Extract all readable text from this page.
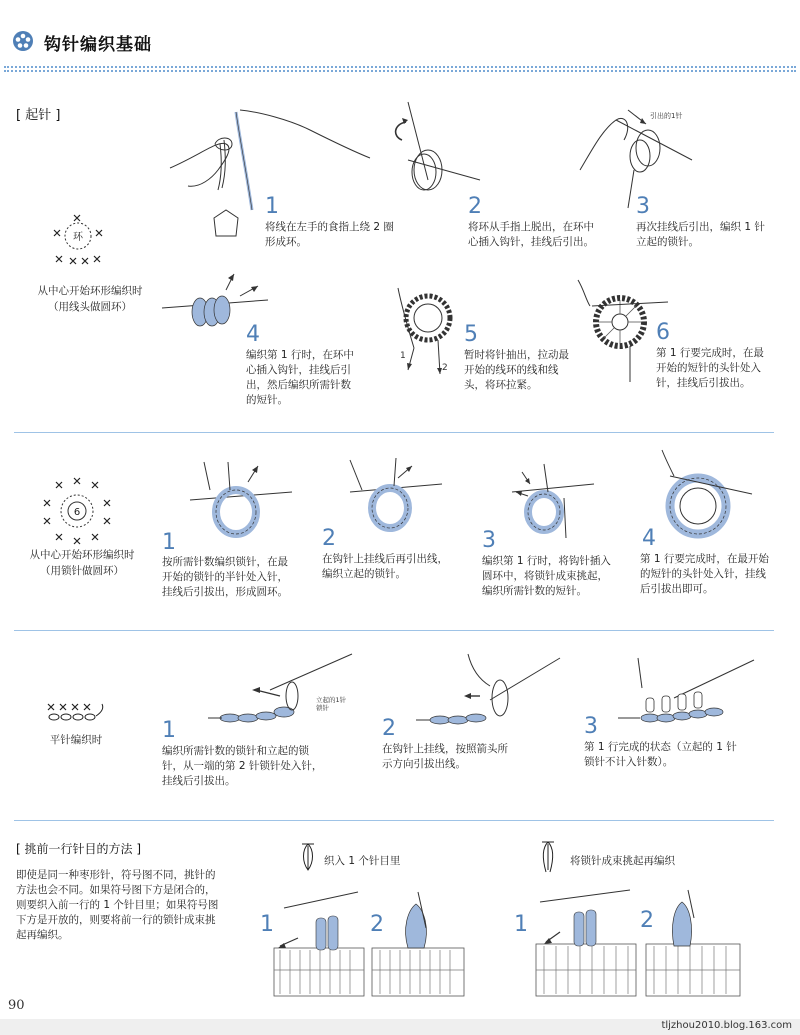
钩针编织基础
[ 起针 ]
环
从中心开始环形编织时
（用线头做圆环）
1
将线在左手的食指上绕 2 圈
形成环。
2
将环从手指上脱出，在环中
心插入钩针，挂线后引出。
引出的1针
3
再次挂线后引出，编织 1 针
立起的锁针。
4
编织第 1 行时，在环中
心插入钩针，挂线后引
出，然后编织所需针数
的短针。
1
2
5
暂时将针抽出，拉动最
开始的线环的线和线
头，将环拉紧。
6
第 1 行要完成时，在最
开始的短针的头针处入
针，挂线后引拔出。
6
从中心开始环形编织时
（用锁针做圆环）
1
按所需针数编织锁针，在最
开始的锁针的半针处入针，
挂线后引拔出，形成圆环。
2
在钩针上挂线后再引出线，
编织立起的锁针。
3
编织第 1 行时，将钩针插入
圆环中，将锁针成束挑起，
编织所需针数的短针。
4
第 1 行要完成时，在最开始
的短针的头针处入针，挂线
后引拔出即可。
平针编织时
立起的1针锁针
1
编织所需针数的锁针和立起的锁
针，从一端的第 2 针锁针处入针，
挂线后引拔出。
2
在钩针上挂线，按照箭头所
示方向引拔出线。
3
第 1 行完成的状态（立起的 1 针
锁针不计入针数）。
[ 挑前一行针目的方法 ]
即使是同一种枣形针，符号图不同，挑针的方法也会不同。如果符号图下方是闭合的，则要织入前一行的 1 个针目里；如果符号图下方是开放的，则要将前一行的锁针成束挑起再编织。
织入 1 个针目里	将锁针成束挑起再编织
1	2	1	2
90
tljzhou2010.blog.163.com
